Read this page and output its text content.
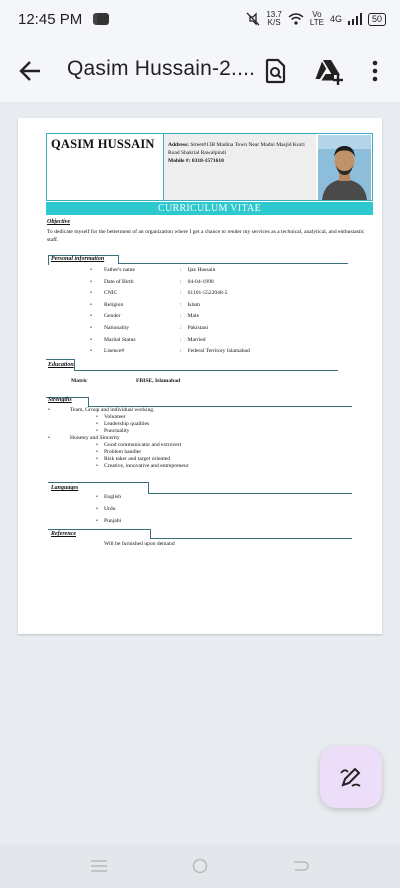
12:45 PM	13.7
K/S
Vo
LTE 4G	50
Qasim Hussain-2....
QASIM HUSSAIN Address: Street#13B Madina Town Near Madni Masjid Kurri Road Shakrial Rawalpindi
Mobile #: 0318-1571610
CURRICULUM VITAE
Objective
To dedicate myself for the betterment of an organization where I get a chance to render my services as a technical, analytical, and enthusiastic staff.
Personal information
• Father's name	: Ijaz Hussain
• Date of Birth	: 04-04-1990
• CNIC	: 61101-5522048-5
• Religion	: Islam
• Gender	: Male
• Nationality	: Pakistani
• Marital Status	: Married
• Lisence#	: Federal Territory Islamabad
Education
Matric	FBISE, Islamabad
Strengths
•	Team, Group and individual working.
• Volunteer
• Leadership qualities
• Punctuality
•	Honesty and Sincerity
• Good communicator and extrovert
• Problem handler
• Risk taker and target oriented
• Creative, innovative and entrepreneur
Languages
• English
• Urdu
• Punjabi
Reference
Will be furnished upon demand
